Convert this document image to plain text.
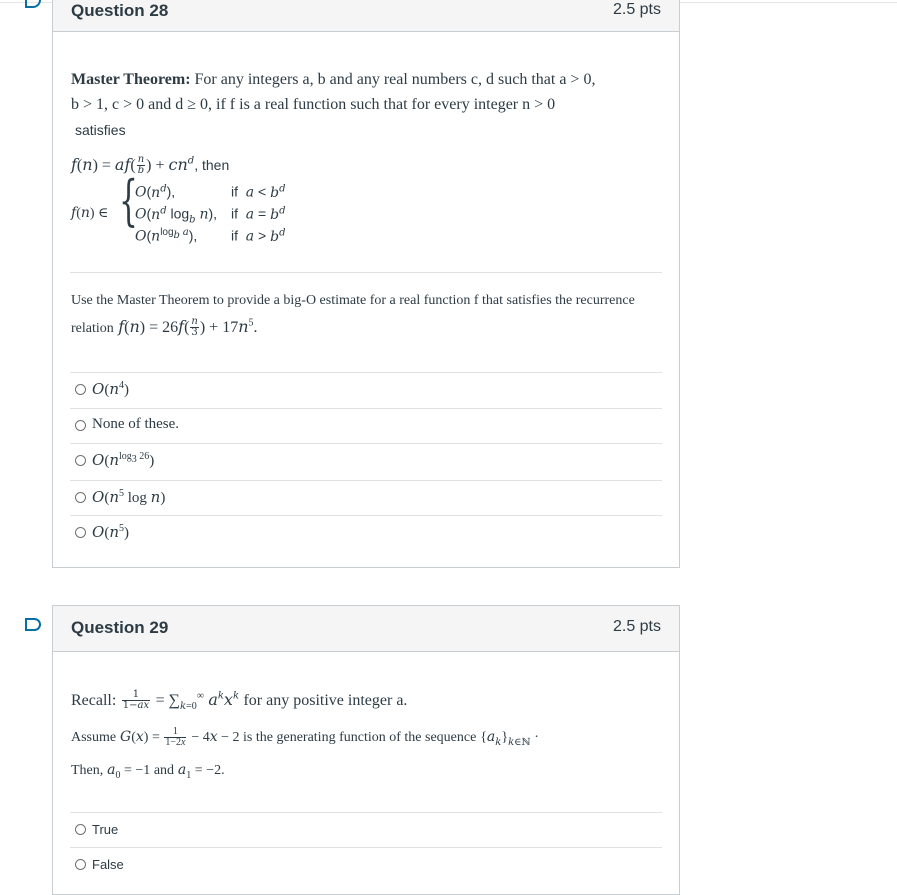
Question 28	2.5 pts
Master Theorem: For any integers a, b and any real numbers c, d such that a > 0,
b > 1, c > 0 and d ≥ 0, if f is a real function such that for every integer n > 0
satisfies
$f(n) = af( \frac{n}{b}$ ) + $cn^d$, then
f(n) ∈ {
$O(n^d)$,	if  $a < b^d$
$O(n^d$ $\log_b n$), if  $a = b^d$
$O(n^{log_b a})$, if  $a > b^d$
Use the Master Theorem to provide a big-O estimate for a real function f that satisfies the recurrence
relation $f(n) = 26f( \frac{n}{3}$ ) + $17n^5$.
$O(n^4)$
None of these.
$O(n^{log_3 26})$
$O(n^5$ log n)
$O(n^5)$
Question 29	2.5 pts
Recall: $\frac{1}{1-ax} = \sum_{k=0}^\infty$ $a^kx^k$ for any positive integer a.
Assume $G(x) = \frac{1}{1-2x} - 4x - 2$ is the generating function of the sequence $\{a_k\}_{k\in ℕ}$ ·
Then, $a_0 = -1$ and $a_1 = -2$.
True
False
